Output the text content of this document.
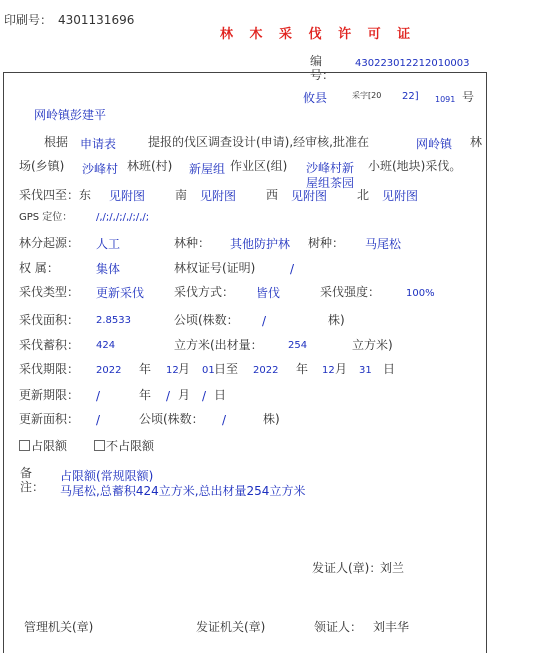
印刷号： 4301131696
林 木 采 伐 许 可 证
编
号：
430223012212010003
攸县	采字[20 22] 1091 号
网岭镇彭建平
根据 申请表	提报的伐区调查设计(申请),经审核,批准在	网岭镇 林
场(乡镇) 沙峰村 林班(村) 新屋组 作业区(组) 沙峰村新
屋组茶园
小班(地块)采伐。
采伐四至：东 见附图 南 见附图 西 见附图 北 见附图
GPS 定位： /,/;/,/;/,/;/,/;
林分起源： 人工	林种： 其他防护林 树种： 马尾松
权 属：	集体	林权证号(证明)	/
采伐类型： 更新采伐 采伐方式： 皆伐	采伐强度：	100%
采伐面积： 2.8533	公顷(株数： /	株)
采伐蓄积： 424	立方米(出材量：	254	立方米)
采伐期限： 2022 年 12 月 01 日至 2022 年 12 月 31 日
更新期限： /	年 / 月 / 日
更新面积： /	公顷(株数： /	株)
占限额	不占限额
备
注：
占限额(常规限额)
马尾松,总蓄积424立方米,总出材量254立方米
发证人(章)：
刘兰
管理机关(章)	发证机关(章)	领证人： 刘丰华
